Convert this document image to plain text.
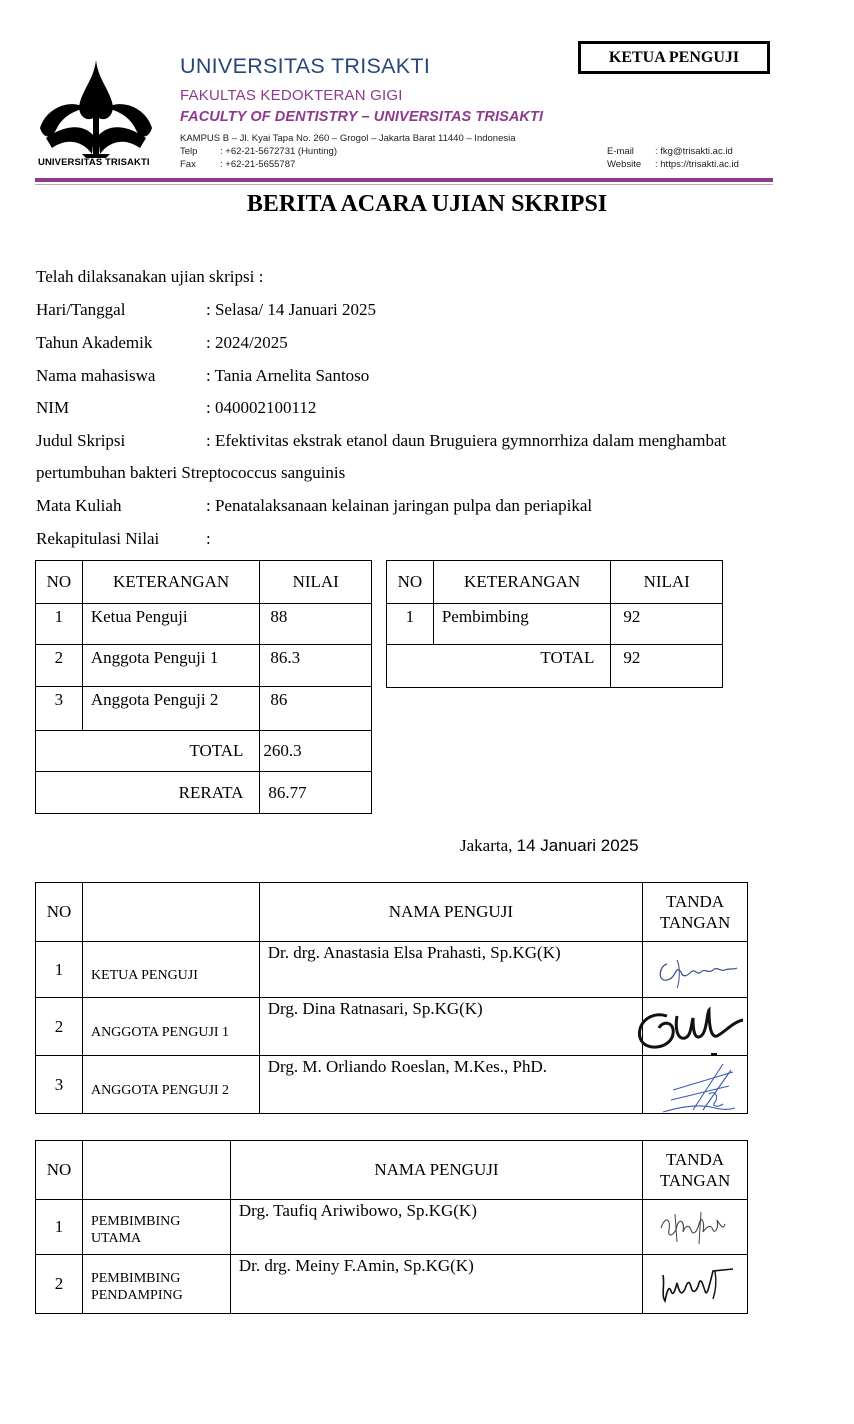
UNIVERSITAS TRISAKTI
UNIVERSITAS TRISAKTI
FAKULTAS KEDOKTERAN GIGI
FACULTY OF DENTISTRY – UNIVERSITAS TRISAKTI
KAMPUS B – Jl. Kyai Tapa No. 260 – Grogol – Jakarta Barat 11440 – Indonesia
Telp : +62-21-5672731 (Hunting)
Fax	: +62-21-5655787
E-mail : fkg@trisakti.ac.id
Website : https://trisakti.ac.id
KETUA PENGUJI
BERITA ACARA UJIAN SKRIPSI
Telah dilaksanakan ujian skripsi :
Hari/Tanggal	: Selasa/ 14 Januari 2025
Tahun Akademik	: 2024/2025
Nama mahasiswa	: Tania Arnelita Santoso
NIM	: 040002100112
Judul Skripsi	: Efektivitas ekstrak etanol daun Bruguiera gymnorrhiza dalam menghambat
pertumbuhan bakteri Streptococcus sanguinis
Mata Kuliah	: Penatalaksanaan kelainan jaringan pulpa dan periapikal
Rekapitulasi Nilai	:
NO	KETERANGAN	NILAI
1	Ketua Penguji	88
2	Anggota Penguji 1	86.3
3	Anggota Penguji 2	86
TOTAL		260.3
RERATA		86.77
NO	KETERANGAN	NILAI
1	Pembimbing	92
TOTAL		92
Jakarta, 14 Januari 2025
NO		NAMA PENGUJI	TANDA TANGAN
1	KETUA PENGUJI	Dr. drg. Anastasia Elsa Prahasti, Sp.KG(K)	

2	ANGGOTA PENGUJI 1	Drg. Dina Ratnasari, Sp.KG(K)	

3	ANGGOTA PENGUJI 2	Drg. M. Orliando Roeslan, M.Kes., PhD.	
NO		NAMA PENGUJI	TANDA TANGAN
1	PEMBIMBING UTAMA	Drg. Taufiq Ariwibowo, Sp.KG(K)	

2	PEMBIMBING PENDAMPING	Dr. drg. Meiny F.Amin, Sp.KG(K)	
